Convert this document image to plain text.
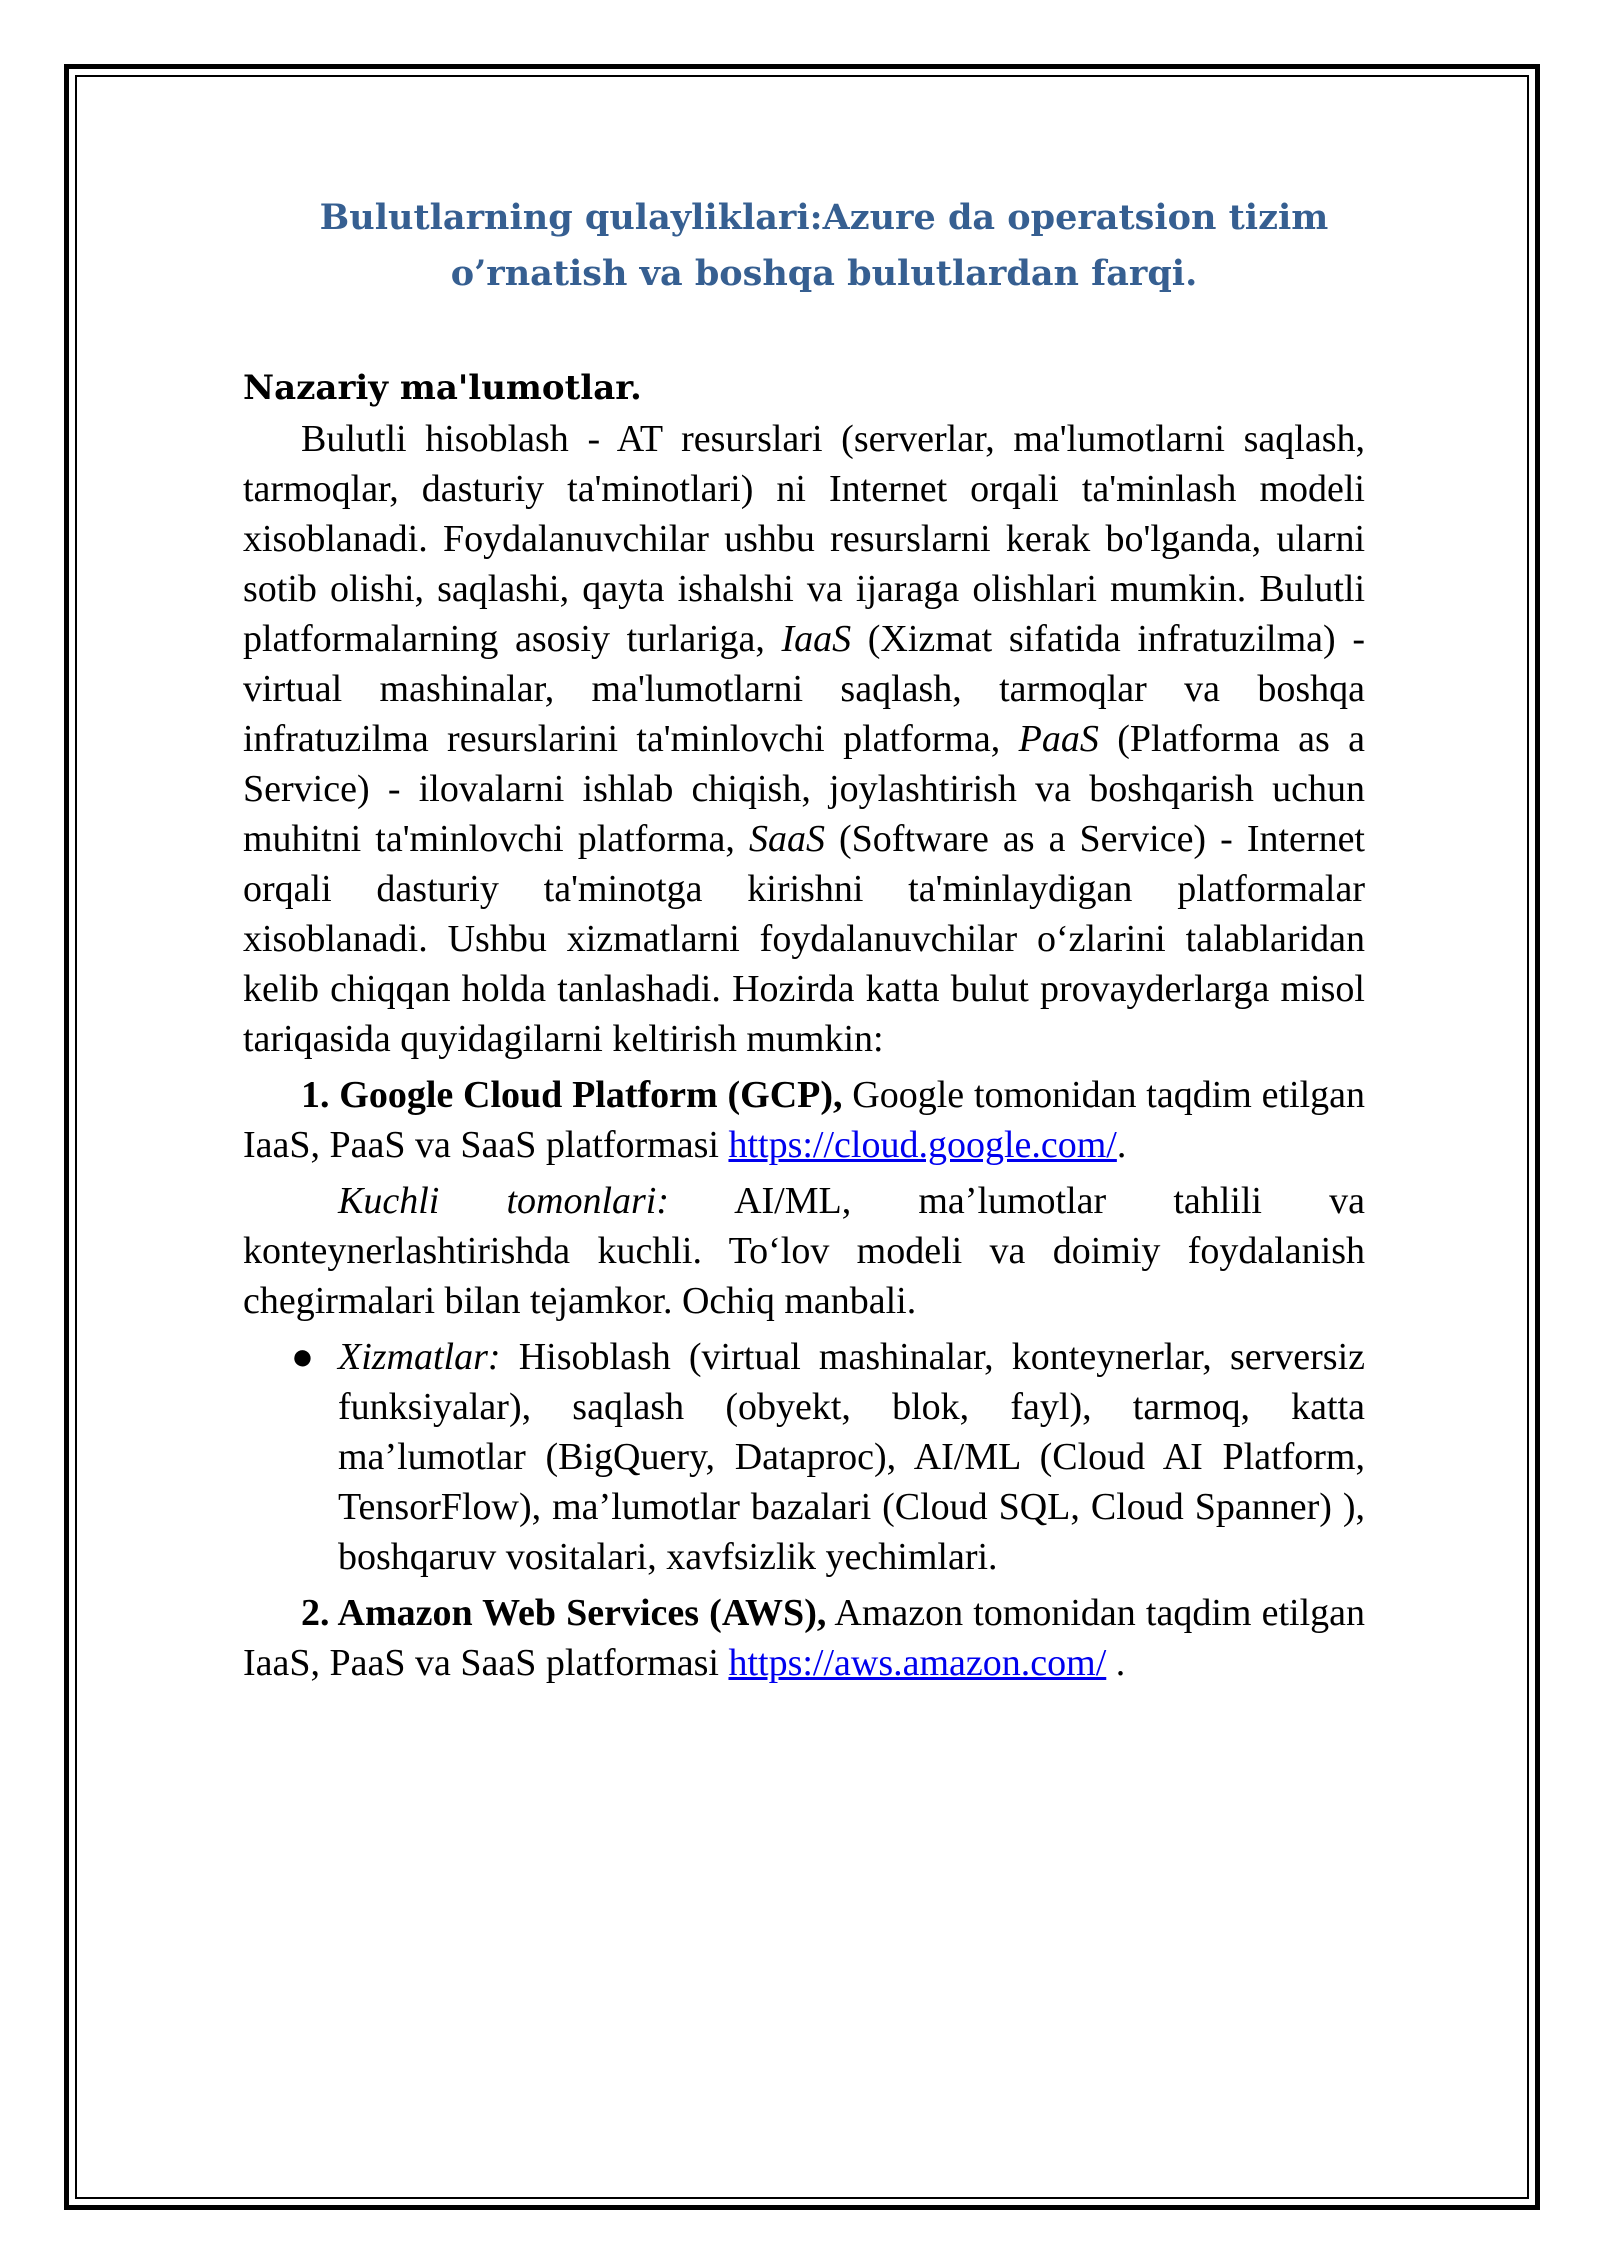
Bulutlarning qulayliklari:Azure da operatsion tizim
o’rnatish va boshqa bulutlardan farqi.
Nazariy ma'lumotlar.

Bulutli hisoblash - AT resurslari (serverlar, ma'lumotlarni saqlash, tarmoqlar, dasturiy ta'minotlari) ni Internet orqali ta'minlash modeli xisoblanadi. Foydalanuvchilar ushbu resurslarni kerak bo'lganda, ularni sotib olishi, saqlashi, qayta ishalshi va ijaraga olishlari mumkin. Bulutli platformalarning asosiy turlariga, IaaS (Xizmat sifatida infratuzilma) - virtual mashinalar, ma'lumotlarni saqlash, tarmoqlar va boshqa infratuzilma resurslarini ta'minlovchi platforma, PaaS (Platforma as a Service) - ilovalarni ishlab chiqish, joylashtirish va boshqarish uchun muhitni ta'minlovchi platforma, SaaS (Software as a Service) - Internet orqali dasturiy ta'minotga kirishni ta'minlaydigan platformalar xisoblanadi. Ushbu xizmatlarni foydalanuvchilar o‘zlarini talablaridan kelib chiqqan holda tanlashadi. Hozirda katta bulut provayderlarga misol tariqasida quyidagilarni keltirish mumkin:

1. Google Cloud Platform (GCP), Google tomonidan taqdim etilgan IaaS, PaaS va SaaS platformasi https://cloud.google.com/.

Kuchli tomonlari: AI/ML, ma’lumotlar tahlili va konteynerlashtirishda kuchli. To‘lov modeli va doimiy foydalanish chegirmalari bilan tejamkor. Ochiq manbali.

● Xizmatlar: Hisoblash (virtual mashinalar, konteynerlar, serversiz funksiyalar), saqlash (obyekt, blok, fayl), tarmoq, katta ma’lumotlar (BigQuery, Dataproc), AI/ML (Cloud AI Platform, TensorFlow), ma’lumotlar bazalari (Cloud SQL, Cloud Spanner) ), boshqaruv vositalari, xavfsizlik yechimlari.

2. Amazon Web Services (AWS), Amazon tomonidan taqdim etilgan IaaS, PaaS va SaaS platformasi https://aws.amazon.com/ .
